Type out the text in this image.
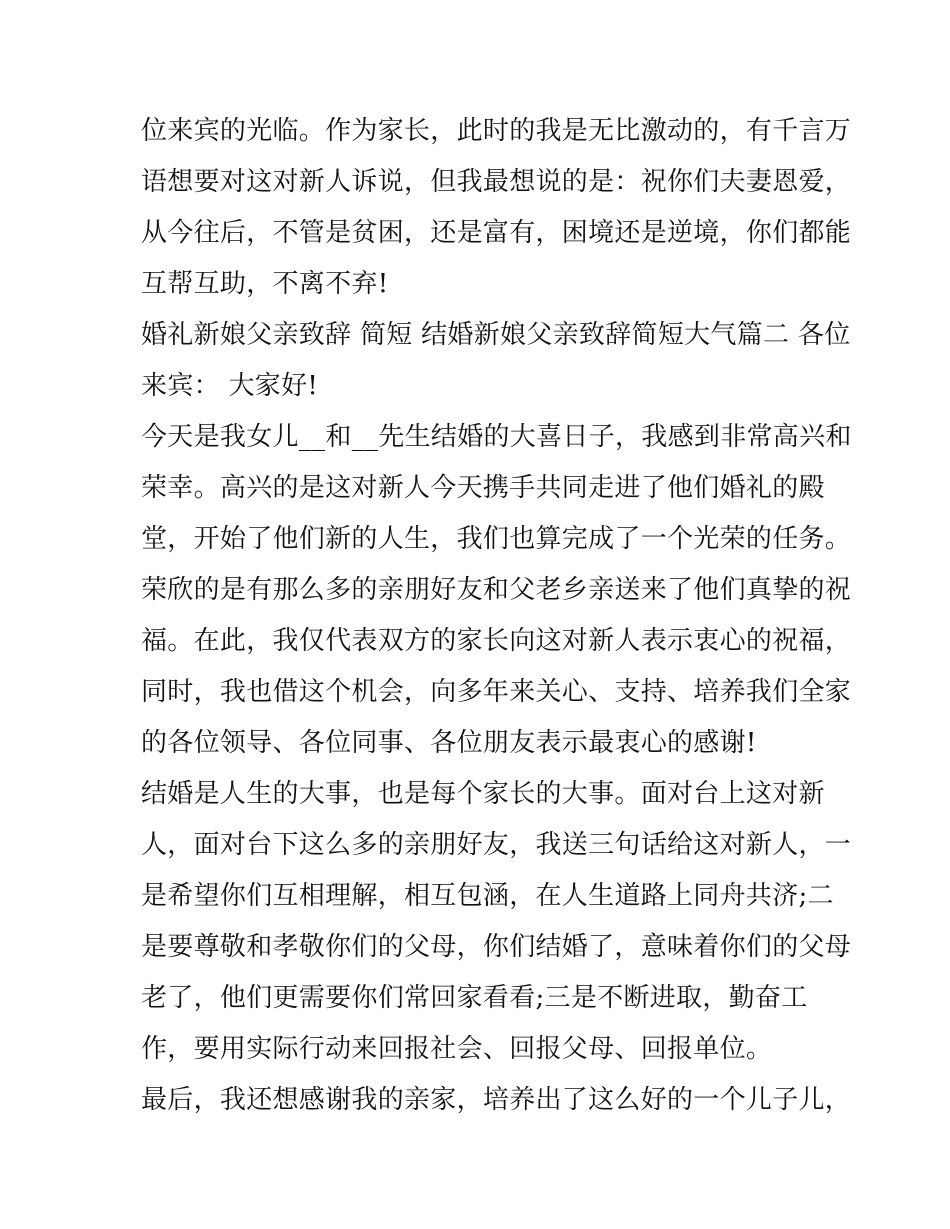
位来宾的光临。作为家长，此时的我是无比激动的，有千言万
语想要对这对新人诉说，但我最想说的是：祝你们夫妻恩爱，
从今往后，不管是贫困，还是富有，困境还是逆境，你们都能
互帮互助，不离不弃!
婚礼新娘父亲致辞 简短 结婚新娘父亲致辞简短大气篇二 各位
来宾： 大家好!
今天是我女儿__和__先生结婚的大喜日子，我感到非常高兴和
荣幸。高兴的是这对新人今天携手共同走进了他们婚礼的殿
堂，开始了他们新的人生，我们也算完成了一个光荣的任务。
荣欣的是有那么多的亲朋好友和父老乡亲送来了他们真挚的祝
福。在此，我仅代表双方的家长向这对新人表示衷心的祝福，
同时，我也借这个机会，向多年来关心、支持、培养我们全家
的各位领导、各位同事、各位朋友表示最衷心的感谢!
结婚是人生的大事，也是每个家长的大事。面对台上这对新
人，面对台下这么多的亲朋好友，我送三句话给这对新人，一
是希望你们互相理解，相互包涵，在人生道路上同舟共济;二
是要尊敬和孝敬你们的父母，你们结婚了，意味着你们的父母
老了，他们更需要你们常回家看看;三是不断进取，勤奋工
作，要用实际行动来回报社会、回报父母、回报单位。
最后，我还想感谢我的亲家，培养出了这么好的一个儿子儿，
